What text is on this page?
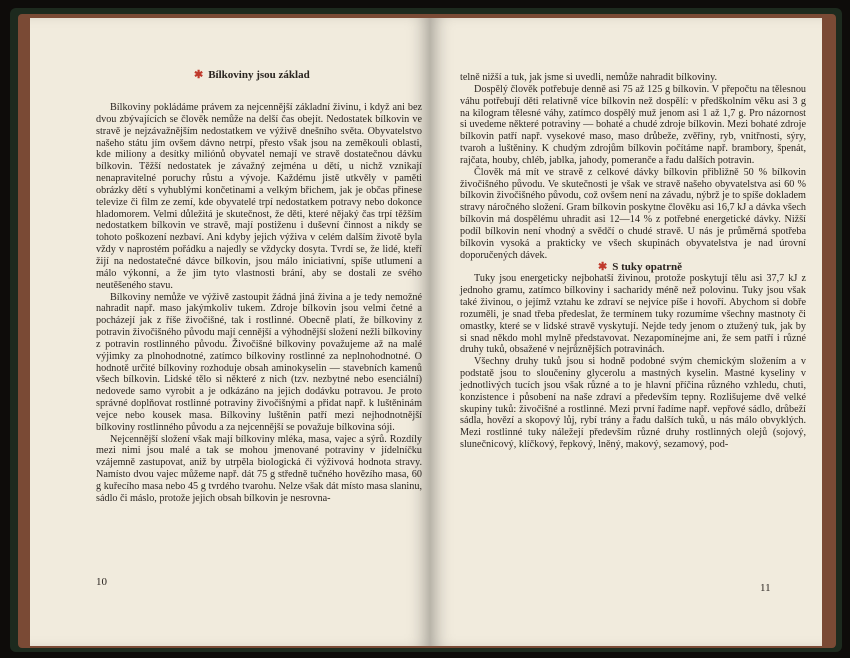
✱ Bílkoviny jsou základ

Bílkoviny pokládáme právem za nejcennější základní živinu, i když ani bez dvou zbývajících se člověk nemůže na delší čas obejít. Nedostatek bílkovin ve stravě je nejzávažnějším nedostatkem ve výživě dnešního světa. Obyvatelstvo našeho státu jím ovšem dávno netrpí, přesto však jsou na zeměkouli oblasti, kde miliony a desítky miliónů obyvatel nemají ve stravě dostatečnou dávku bílkovin. Těžší nedostatek je závažný zejména u dětí, u nichž vznikají nenapravitelné poruchy růstu a vývoje. Každému jistě utkvěly v paměti obrázky dětí s vyhublými končetinami a velkým břichem, jak je občas přinese televize či film ze zemí, kde obyvatelé trpí nedostatkem potravy nebo dokonce hladomorem. Velmi důležitá je skutečnost, že děti, které nějaký čas trpí těžším nedostatkem bílkovin ve stravě, mají postiženu i duševní činnost a nikdy se tohoto poškození nezbaví. Ani kdyby jejich výživa v celém dalším životě byla vždy v naprostém pořádku a najedly se vždycky dosyta. Tvrdí se, že lidé, kteří žijí na nedostatečné dávce bílkovin, jsou málo iniciativní, spíše utlumení a málo výkonní, a že jim tyto vlastnosti brání, aby se dostali ze svého neutěšeného stavu.

Bílkoviny nemůže ve výživě zastoupit žádná jiná živina a je tedy nemožné nahradit např. maso jakýmkoliv tukem. Zdroje bílkovin jsou velmi četné a pocházejí jak z říše živočišné, tak i rostlinné. Obecně platí, že bílkoviny z potravin živočišného původu mají cennější a výhodnější složení nežli bílkoviny z potravin rostlinného původu. Živočišné bílkoviny považujeme až na malé výjimky za plnohodnotné, zatímco bílkoviny rostlinné za neplnohodnotné. O hodnotě určité bílkoviny rozhoduje obsah aminokyselin — stavebních kamenů všech bílkovin. Lidské tělo si některé z nich (tzv. nezbytné nebo esenciální) nedovede samo vyrobit a je odkázáno na jejich dodávku potravou. Je proto správné doplňovat rostlinné potraviny živočišnými a přidat např. k luštěninám vejce nebo kousek masa. Bílkoviny luštěnin patří mezi nejhodnotnější bílkoviny rostlinného původu a za nejcennější se považuje bílkovina sóji.

Nejcennější složení však mají bílkoviny mléka, masa, vajec a sýrů. Rozdíly mezi nimi jsou malé a tak se mohou jmenované potraviny v jídelníčku vzájemně zastupovat, aniž by utrpěla biologická či výživová hodnota stravy. Namísto dvou vajec můžeme např. dát 75 g středně tučného hovězího masa, 60 g kuřecího masa nebo 45 g tvrdého tvarohu. Nelze však dát místo masa slaninu, sádlo či máslo, protože jejich obsah bílkovin je nesrovna-

10

telně nižší a tuk, jak jsme si uvedli, nemůže nahradit bílkoviny.

Dospělý člověk potřebuje denně asi 75 až 125 g bílkovin. V přepočtu na tělesnou váhu potřebují děti relativně více bílkovin než dospělí: v předškolním věku asi 3 g na kilogram tělesné váhy, zatímco dospělý muž jenom asi 1 až 1,7 g. Pro názornost si uvedeme některé potraviny — bohaté a chudé zdroje bílkovin. Mezi bohaté zdroje bílkovin patří např. vysekové maso, maso drůbeže, zvěřiny, ryb, vnitřnosti, sýry, tvaroh a luštěniny. K chudým zdrojům bílkovin počítáme např. brambory, špenát, rajčata, houby, chléb, jablka, jahody, pomeranče a řadu dalších potravin.

Člověk má mít ve stravě z celkové dávky bílkovin přibližně 50 % bílkovin živočišného původu. Ve skutečnosti je však ve stravě našeho obyvatelstva asi 60 % bílkovin živočišného původu, což ovšem není na závadu, nýbrž je to spíše dokladem stravy náročného složení. Gram bílkovin poskytne člověku asi 16,7 kJ a dávka všech bílkovin má dospělému uhradit asi 12—14 % z potřebné energetické dávky. Nižší podíl bílkovin není vhodný a svědčí o chudé stravě. U nás je průměrná spotřeba bílkovin vysoká a prakticky ve všech skupinách obyvatelstva je nad úrovní doporučených dávek.

✱ S tuky opatrně

Tuky jsou energeticky nejbohatší živinou, protože poskytují tělu asi 37,7 kJ z jednoho gramu, zatímco bílkoviny i sacharidy méně než polovinu. Tuky jsou však také živinou, o jejímž vztahu ke zdraví se nejvíce píše i hovoří. Abychom si dobře rozuměli, je snad třeba předeslat, že termínem tuky rozumíme všechny mastnoty či omastky, které se v lidské stravě vyskytují. Nejde tedy jenom o ztužený tuk, jak by si snad někdo mohl mylně představovat. Nezapomínejme ani, že sem patří i různé druhy tuků, obsažené v nejrůznějších potravinách.

Všechny druhy tuků jsou si hodně podobné svým chemickým složením a v podstatě jsou to sloučeniny glycerolu a mastných kyselin. Mastné kyseliny v jednotlivých tucích jsou však různé a to je hlavní příčina různého vzhledu, chuti, konzistence i působení na naše zdraví a především tepny. Rozlišujeme dvě velké skupiny tuků: živočišné a rostlinné. Mezi první řadíme např. vepřové sádlo, drůbeží sádla, hovězí a skopový lůj, rybí trány a řadu dalších tuků, u nás málo obvyklých. Mezi rostlinné tuky náležejí především různé druhy rostlinných olejů (sojový, slunečnicový, klíčkový, řepkový, lněný, makový, sezamový, pod-

11
